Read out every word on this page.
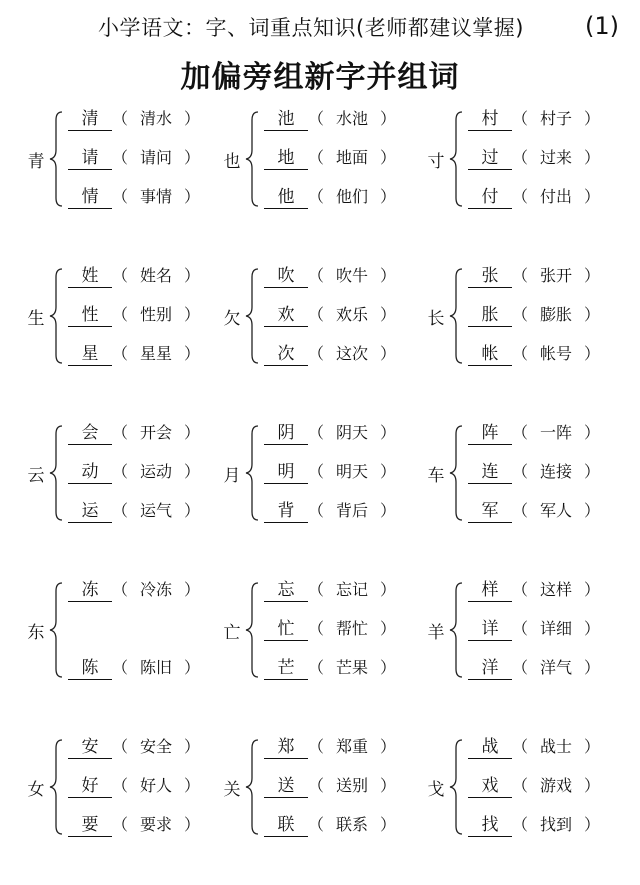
小学语文：字、词重点知识(老师都建议掌握)	(1)
加偏旁组新字并组词
青
清 （ 清水 ）
请 （ 请问 ）
情 （ 事情 ）
也
池 （ 水池 ）
地 （ 地面 ）
他 （ 他们 ）
寸
村 （ 村子 ）
过 （ 过来 ）
付 （ 付出 ）
生
姓 （ 姓名 ）
性 （ 性别 ）
星 （ 星星 ）
欠
吹 （ 吹牛 ）
欢 （ 欢乐 ）
次 （ 这次 ）
长
张 （ 张开 ）
胀 （ 膨胀 ）
帐 （ 帐号 ）
云
会 （ 开会 ）
动 （ 运动 ）
运 （ 运气 ）
月
阴 （ 阴天 ）
明 （ 明天 ）
背 （ 背后 ）
车
阵 （ 一阵 ）
连 （ 连接 ）
军 （ 军人 ）
东
冻 （ 冷冻 ）
陈 （ 陈旧 ）
亡
忘 （ 忘记 ）
忙 （ 帮忙 ）
芒 （ 芒果 ）
羊
样 （ 这样 ）
详 （ 详细 ）
洋 （ 洋气 ）
女
安 （ 安全 ）
好 （ 好人 ）
要 （ 要求 ）
关
郑 （ 郑重 ）
送 （ 送别 ）
联 （ 联系 ）
戈
战 （ 战士 ）
戏 （ 游戏 ）
找 （ 找到 ）
